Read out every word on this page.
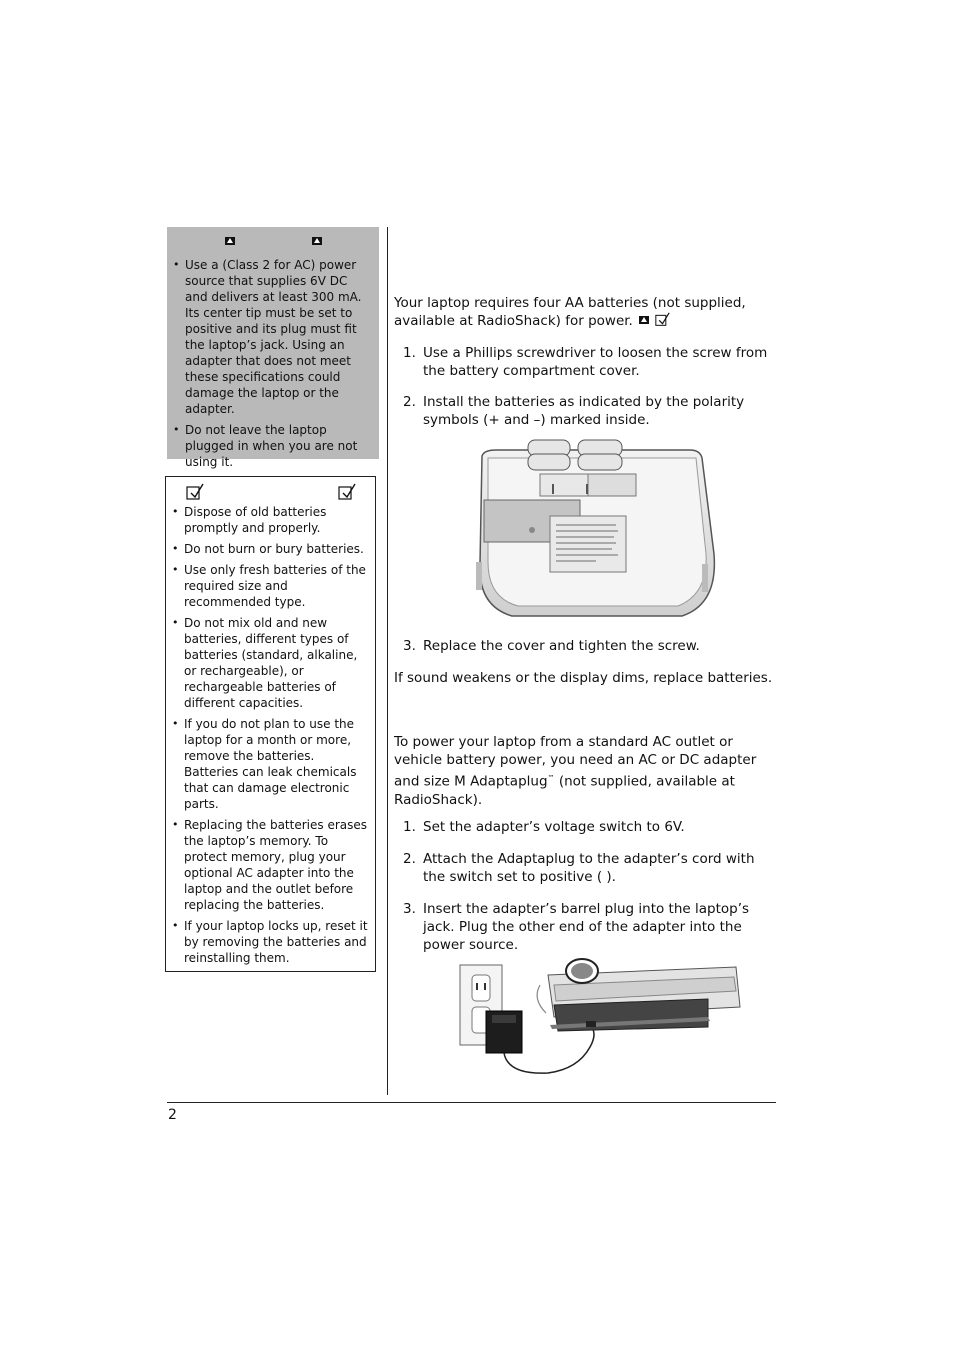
• Use a (Class 2 for AC) power source that supplies 6V DC and delivers at least 300 mA. Its center tip must be set to positive and its plug must fit the laptop’s jack. Using an adapter that does not meet these specifications could damage the laptop or the adapter.
• Do not leave the laptop plugged in when you are not using it.
• Dispose of old batteries promptly and properly.
• Do not burn or bury batteries.
• Use only fresh batteries of the required size and recommended type.
• Do not mix old and new batteries, different types of batteries (standard, alkaline, or rechargeable), or rechargeable batteries of different capacities.
• If you do not plan to use the laptop for a month or more, remove the batteries. Batteries can leak chemicals that can damage electronic parts.
• Replacing the batteries erases the laptop’s memory. To protect memory, plug your optional AC adapter into the laptop and the outlet before replacing the batteries.
• If your laptop locks up, reset it by removing the batteries and reinstalling them.
Your laptop requires four AA batteries (not supplied, available at RadioShack) for power.
1. Use a Phillips screwdriver to loosen the screw from the battery compartment cover.
2. Install the batteries as indicated by the polarity symbols (+ and –) marked inside.
3. Replace the cover and tighten the screw.
If sound weakens or the display dims, replace batteries.
To power your laptop from a standard AC outlet or vehicle battery power, you need an AC or DC adapter and size M Adaptaplug™ (not supplied, available at RadioShack).
1. Set the adapter’s voltage switch to 6V.
2. Attach the Adaptaplug to the adapter’s cord with the switch set to positive ( ).
3. Insert the adapter’s barrel plug into the laptop’s jack. Plug the other end of the adapter into the power source.
2
